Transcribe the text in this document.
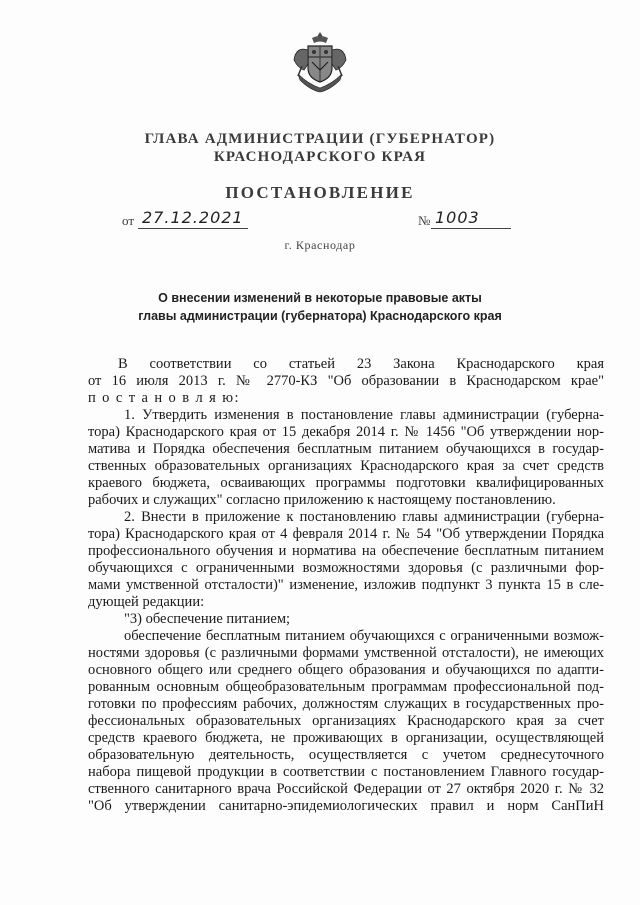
ГЛАВА АДМИНИСТРАЦИИ (ГУБЕРНАТОР)
КРАСНОДАРСКОГО КРАЯ
ПОСТАНОВЛЕНИЕ
от 27.12.2021	№ 1003
г. Краснодар
О внесении изменений в некоторые правовые акты
главы администрации (губернатора) Краснодарского края
В соответствии со статьей 23 Закона Краснодарского края
от 16 июля 2013 г. № 2770-КЗ "Об образовании в Краснодарском крае"
п о с т а н о в л я ю:
1. Утвердить изменения в постановление главы администрации (губерна-
тора) Краснодарского края от 15 декабря 2014 г. № 1456 "Об утверждении нор-
матива и Порядка обеспечения бесплатным питанием обучающихся в государ-
ственных образовательных организациях Краснодарского края за счет средств
краевого бюджета, осваивающих программы подготовки квалифицированных
рабочих и служащих" согласно приложению к настоящему постановлению.
2. Внести в приложение к постановлению главы администрации (губерна-
тора) Краснодарского края от 4 февраля 2014 г. № 54 "Об утверждении Порядка
профессионального обучения и норматива на обеспечение бесплатным питанием
обучающихся с ограниченными возможностями здоровья (с различными фор-
мами умственной отсталости)" изменение, изложив подпункт 3 пункта 15 в сле-
дующей редакции:
"3) обеспечение питанием;
обеспечение бесплатным питанием обучающихся с ограниченными возмож-
ностями здоровья (с различными формами умственной отсталости), не имеющих
основного общего или среднего общего образования и обучающихся по адапти-
рованным основным общеобразовательным программам профессиональной под-
готовки по профессиям рабочих, должностям служащих в государственных про-
фессиональных образовательных организациях Краснодарского края за счет
средств краевого бюджета, не проживающих в организации, осуществляющей
образовательную деятельность, осуществляется с учетом среднесуточного
набора пищевой продукции в соответствии с постановлением Главного государ-
ственного санитарного врача Российской Федерации от 27 октября 2020 г. № 32
"Об утверждении санитарно-эпидемиологических правил и норм СанПиН
